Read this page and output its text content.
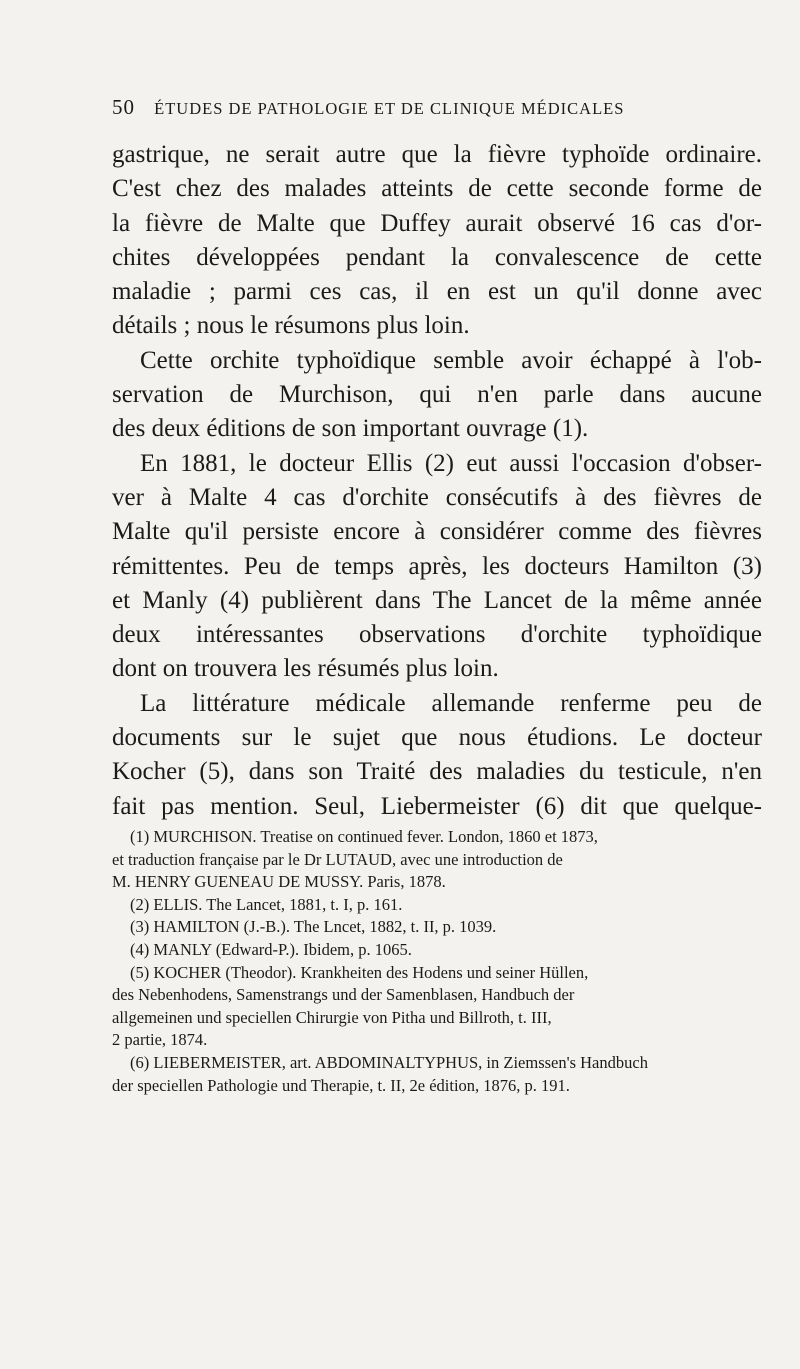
50 ÉTUDES DE PATHOLOGIE ET DE CLINIQUE MÉDICALES

gastrique, ne serait autre que la fièvre typhoïde ordinaire.
C'est chez des malades atteints de cette seconde forme de
la fièvre de Malte que Duffey aurait observé 16 cas d'or-
chites développées pendant la convalescence de cette
maladie ; parmi ces cas, il en est un qu'il donne avec
détails ; nous le résumons plus loin.

Cette orchite typhoïdique semble avoir échappé à l'ob-
servation de Murchison, qui n'en parle dans aucune
des deux éditions de son important ouvrage (1).

En 1881, le docteur Ellis (2) eut aussi l'occasion d'obser-
ver à Malte 4 cas d'orchite consécutifs à des fièvres de
Malte qu'il persiste encore à considérer comme des fièvres
rémittentes. Peu de temps après, les docteurs Hamilton (3)
et Manly (4) publièrent dans The Lancet de la même année
deux intéressantes observations d'orchite typhoïdique
dont on trouvera les résumés plus loin.

La littérature médicale allemande renferme peu de
documents sur le sujet que nous étudions. Le docteur
Kocher (5), dans son Traité des maladies du testicule, n'en
fait pas mention. Seul, Liebermeister (6) dit que quelque-

(1) MURCHISON. Treatise on continued fever. London, 1860 et 1873,
et traduction française par le Dr LUTAUD, avec une introduction de
M. HENRY GUENEAU DE MUSSY. Paris, 1878.
(2) ELLIS. The Lancet, 1881, t. I, p. 161.
(3) HAMILTON (J.-B.). The Lncet, 1882, t. II, p. 1039.
(4) MANLY (Edward-P.). Ibidem, p. 1065.
(5) KOCHER (Theodor). Krankheiten des Hodens und seiner Hüllen,
des Nebenhodens, Samenstrangs und der Samenblasen, Handbuch der
allgemeinen und speciellen Chirurgie von Pitha und Billroth, t. III,
2 partie, 1874.
(6) LIEBERMEISTER, art. ABDOMINALTYPHUS, in Ziemssen's Handbuch
der speciellen Pathologie und Therapie, t. II, 2e édition, 1876, p. 191.
